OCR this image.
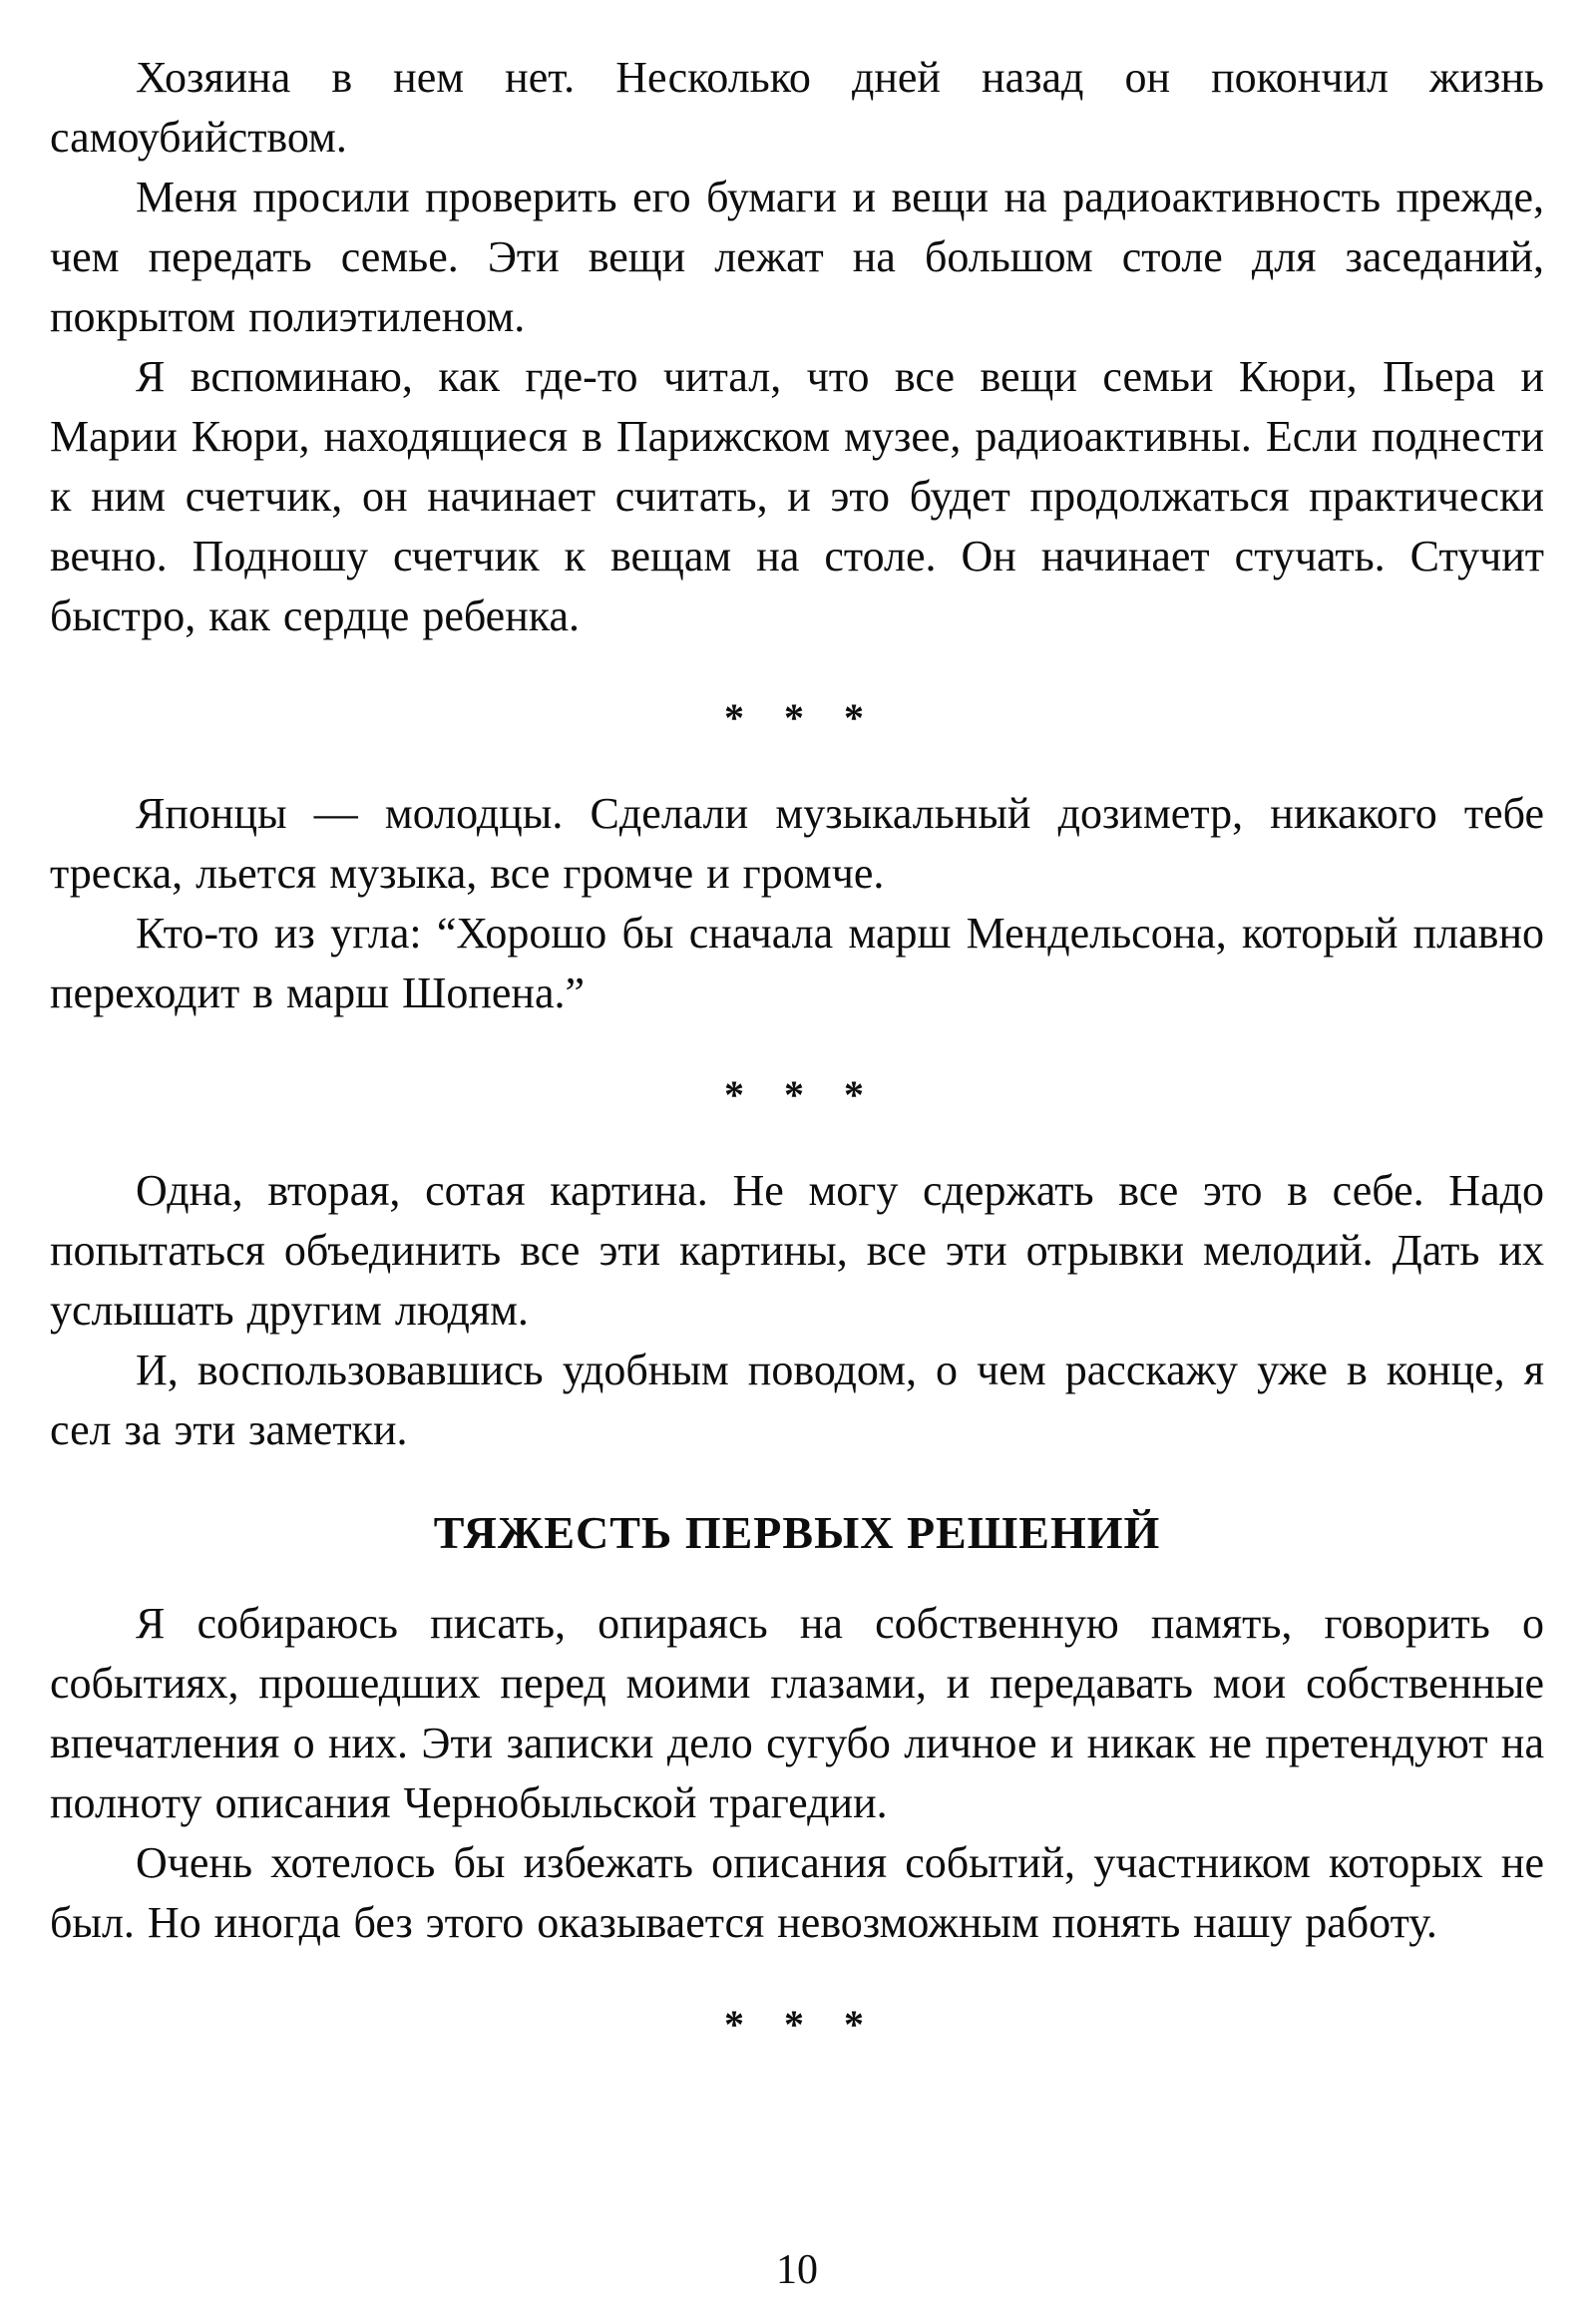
Хозяина в нем нет. Несколько дней назад он покончил жизнь самоубийством.

Меня просили проверить его бумаги и вещи на радиоактивность прежде, чем передать семье. Эти вещи лежат на большом столе для заседаний, покрытом полиэтиленом.

Я вспоминаю, как где-то читал, что все вещи семьи Кюри, Пьера и Марии Кюри, находящиеся в Парижском музее, радиоактивны. Если поднести к ним счетчик, он начинает считать, и это будет продолжаться практически вечно. Подношу счетчик к вещам на столе. Он начинает стучать. Стучит быстро, как сердце ребенка.

* * *

Японцы — молодцы. Сделали музыкальный дозиметр, никакого тебе треска, льется музыка, все громче и громче.

Кто-то из угла: “Хорошо бы сначала марш Мендельсона, который плавно переходит в марш Шопена.”

* * *

Одна, вторая, сотая картина. Не могу сдержать все это в себе. Надо попытаться объединить все эти картины, все эти отрывки мелодий. Дать их услышать другим людям.

И, воспользовавшись удобным поводом, о чем расскажу уже в конце, я сел за эти заметки.

ТЯЖЕСТЬ ПЕРВЫХ РЕШЕНИЙ

Я собираюсь писать, опираясь на собственную память, говорить о событиях, прошедших перед моими глазами, и передавать мои собственные впечатления о них. Эти записки дело сугубо личное и никак не претендуют на полноту описания Чернобыльской трагедии.

Очень хотелось бы избежать описания событий, участником которых не был. Но иногда без этого оказывается невозможным понять нашу работу.

* * *
10
